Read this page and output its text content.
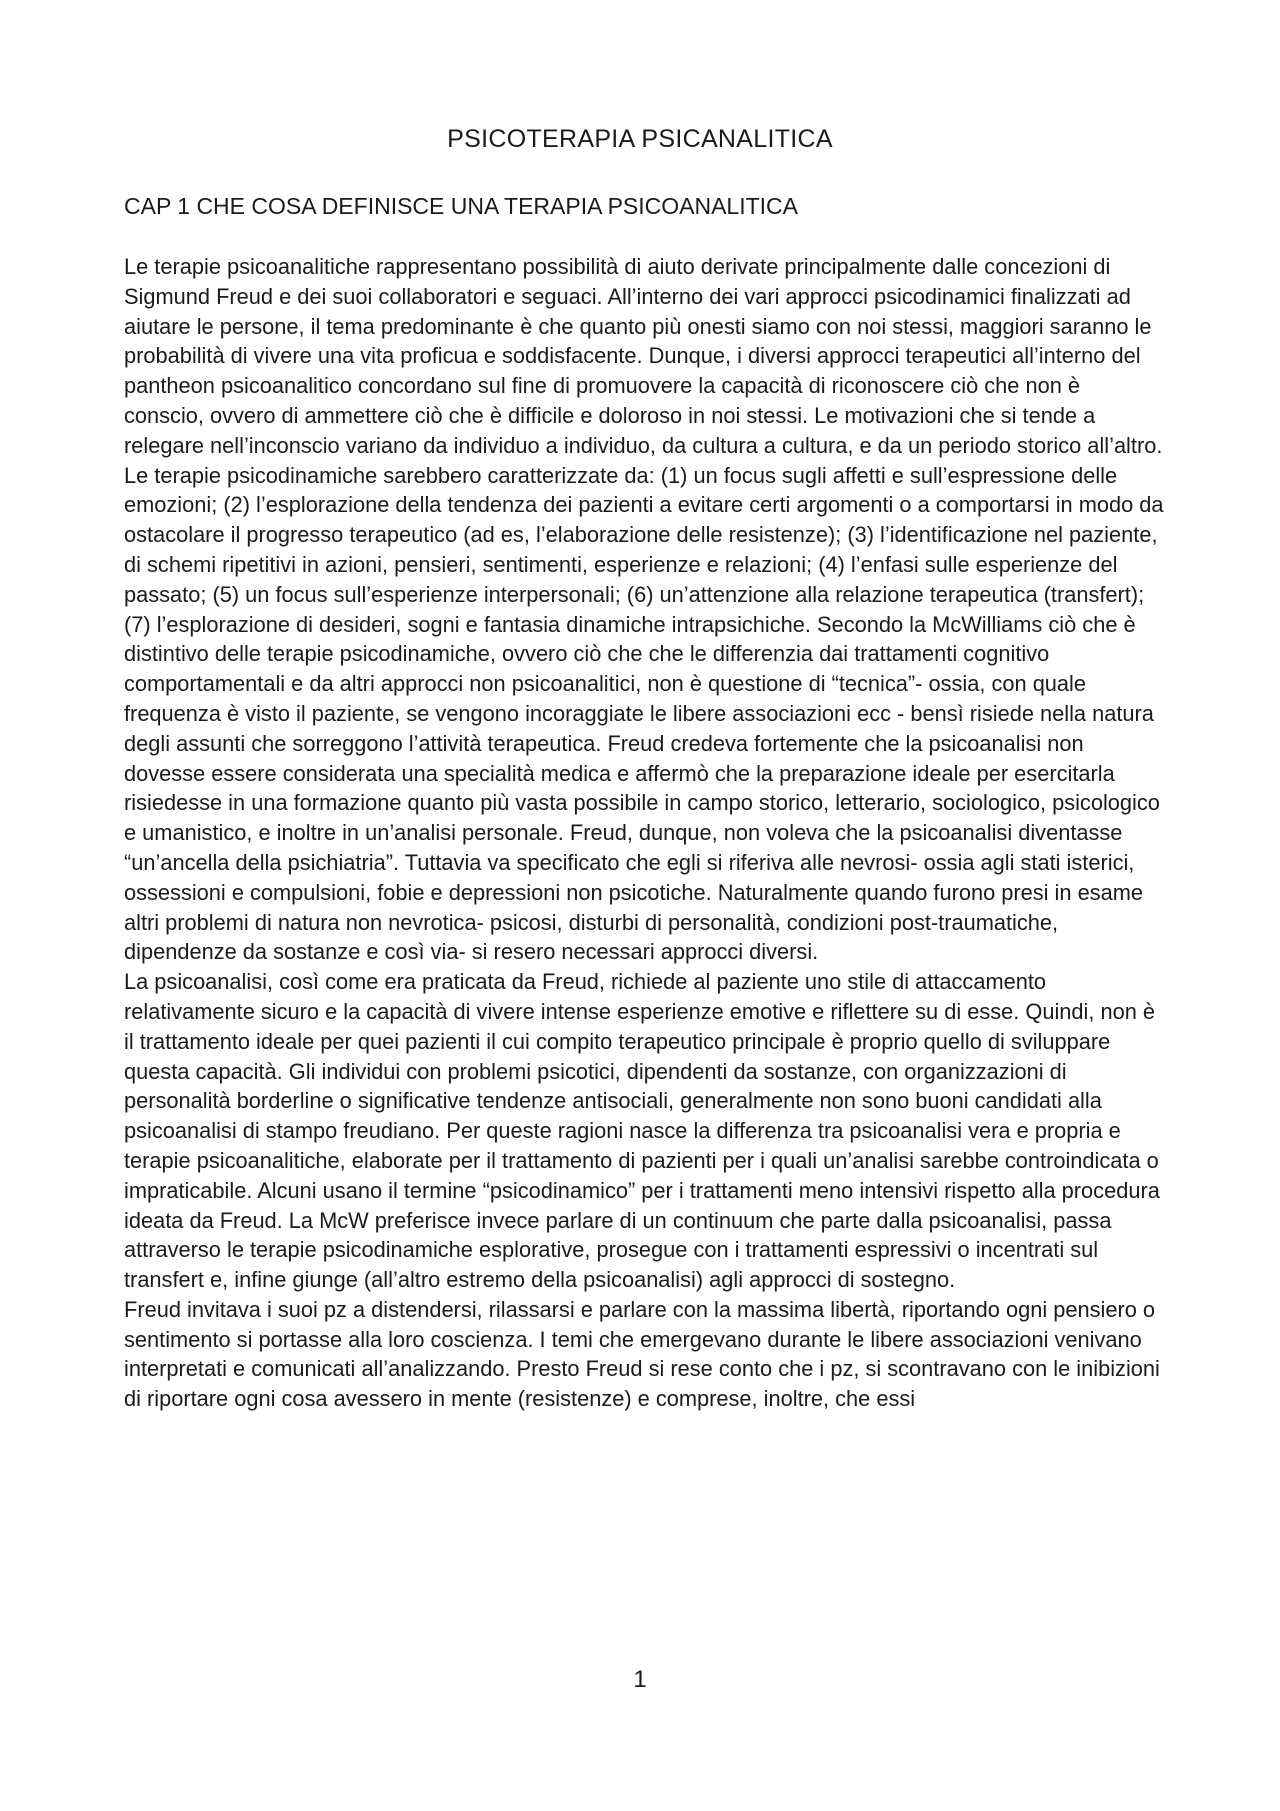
PSICOTERAPIA PSICANALITICA
CAP 1 CHE COSA DEFINISCE UNA TERAPIA PSICOANALITICA

Le terapie psicoanalitiche rappresentano possibilità di aiuto derivate principalmente dalle concezioni di Sigmund Freud e dei suoi collaboratori e seguaci. All’interno dei vari approcci psicodinamici finalizzati ad aiutare le persone, il tema predominante è che quanto più onesti siamo con noi stessi, maggiori saranno le probabilità di vivere una vita proficua e soddisfacente. Dunque, i diversi approcci terapeutici all’interno del pantheon psicoanalitico concordano sul fine di promuovere la capacità di riconoscere ciò che non è conscio, ovvero di ammettere ciò che è difficile e doloroso in noi stessi. Le motivazioni che si tende a relegare nell’inconscio variano da individuo a individuo, da cultura a cultura, e da un periodo storico all’altro. Le terapie psicodinamiche sarebbero caratterizzate da: (1) un focus sugli affetti e sull’espressione delle emozioni; (2) l’esplorazione della tendenza dei pazienti a evitare certi argomenti o a comportarsi in modo da ostacolare il progresso terapeutico (ad es, l’elaborazione delle resistenze); (3) l’identificazione nel paziente, di schemi ripetitivi in azioni, pensieri, sentimenti, esperienze e relazioni; (4) l’enfasi sulle esperienze del passato; (5) un focus sull’esperienze interpersonali; (6) un’attenzione alla relazione terapeutica (transfert); (7) l’esplorazione di desideri, sogni e fantasia dinamiche intrapsichiche. Secondo la McWilliams ciò che è distintivo delle terapie psicodinamiche, ovvero ciò che che le differenzia dai trattamenti cognitivo comportamentali e da altri approcci non psicoanalitici, non è questione di “tecnica”- ossia, con quale frequenza è visto il paziente, se vengono incoraggiate le libere associazioni ecc - bensì risiede nella natura degli assunti che sorreggono l’attività terapeutica. Freud credeva fortemente che la psicoanalisi non dovesse essere considerata una specialità medica e affermò che la preparazione ideale per esercitarla risiedesse in una formazione quanto più vasta possibile in campo storico, letterario, sociologico, psicologico e umanistico, e inoltre in un’analisi personale. Freud, dunque, non voleva che la psicoanalisi diventasse “un’ancella della psichiatria”. Tuttavia va specificato che egli si riferiva alle nevrosi- ossia agli stati isterici, ossessioni e compulsioni, fobie e depressioni non psicotiche. Naturalmente quando furono presi in esame altri problemi di natura non nevrotica- psicosi, disturbi di personalità, condizioni post-traumatiche, dipendenze da sostanze e così via- si resero necessari approcci diversi.

La psicoanalisi, così come era praticata da Freud, richiede al paziente uno stile di attaccamento relativamente sicuro e la capacità di vivere intense esperienze emotive e riflettere su di esse. Quindi, non è il trattamento ideale per quei pazienti il cui compito terapeutico principale è proprio quello di sviluppare questa capacità. Gli individui con problemi psicotici, dipendenti da sostanze, con organizzazioni di personalità borderline o significative tendenze antisociali, generalmente non sono buoni candidati alla psicoanalisi di stampo freudiano. Per queste ragioni nasce la differenza tra psicoanalisi vera e propria e terapie psicoanalitiche, elaborate per il trattamento di pazienti per i quali un’analisi sarebbe controindicata o impraticabile. Alcuni usano il termine “psicodinamico” per i trattamenti meno intensivi rispetto alla procedura ideata da Freud. La McW preferisce invece parlare di un continuum che parte dalla psicoanalisi, passa attraverso le terapie psicodinamiche esplorative, prosegue con i trattamenti espressivi o incentrati sul transfert e, infine giunge (all’altro estremo della psicoanalisi) agli approcci di sostegno.

Freud invitava i suoi pz a distendersi, rilassarsi e parlare con la massima libertà, riportando ogni pensiero o sentimento si portasse alla loro coscienza. I temi che emergevano durante le libere associazioni venivano interpretati e comunicati all’analizzando. Presto Freud si rese conto che i pz, si scontravano con le inibizioni di riportare ogni cosa avessero in mente (resistenze) e comprese, inoltre, che essi

1
